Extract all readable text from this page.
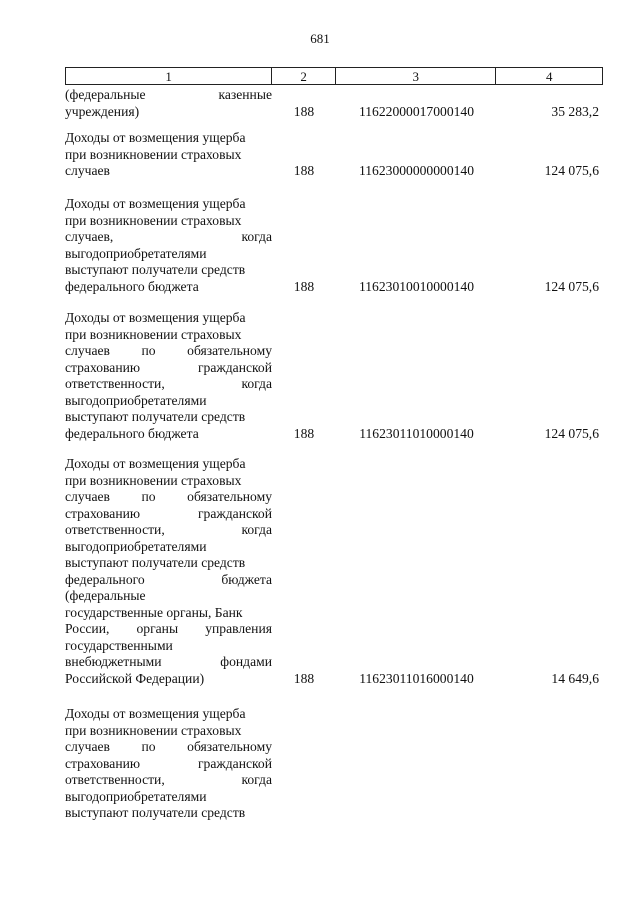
681
1	2	3	4
(федеральные	казенные
учреждения)	188	11622000017000140	35 283,2
Доходы от возмещения ущерба
при возникновении страховых
случаев	188	11623000000000140	124 075,6
Доходы от возмещения ущерба
при возникновении страховых
случаев,	когда
выгодоприобретателями
выступают получатели средств
федерального бюджета	188	11623010010000140	124 075,6
Доходы от возмещения ущерба
при возникновении страховых
случаев по обязательному
страхованию	гражданской
ответственности,	когда
выгодоприобретателями
выступают получатели средств
федерального бюджета	188	11623011010000140	124 075,6
Доходы от возмещения ущерба
при возникновении страховых
случаев по обязательному
страхованию	гражданской
ответственности,	когда
выгодоприобретателями
выступают получатели средств
федерального	бюджета
(федеральные
государственные органы, Банк
России, органы управления
государственными
внебюджетными	фондами
Российской Федерации)	188	11623011016000140	14 649,6
Доходы от возмещения ущерба
при возникновении страховых
случаев по обязательному
страхованию	гражданской
ответственности,	когда
выгодоприобретателями
выступают получатели средств
